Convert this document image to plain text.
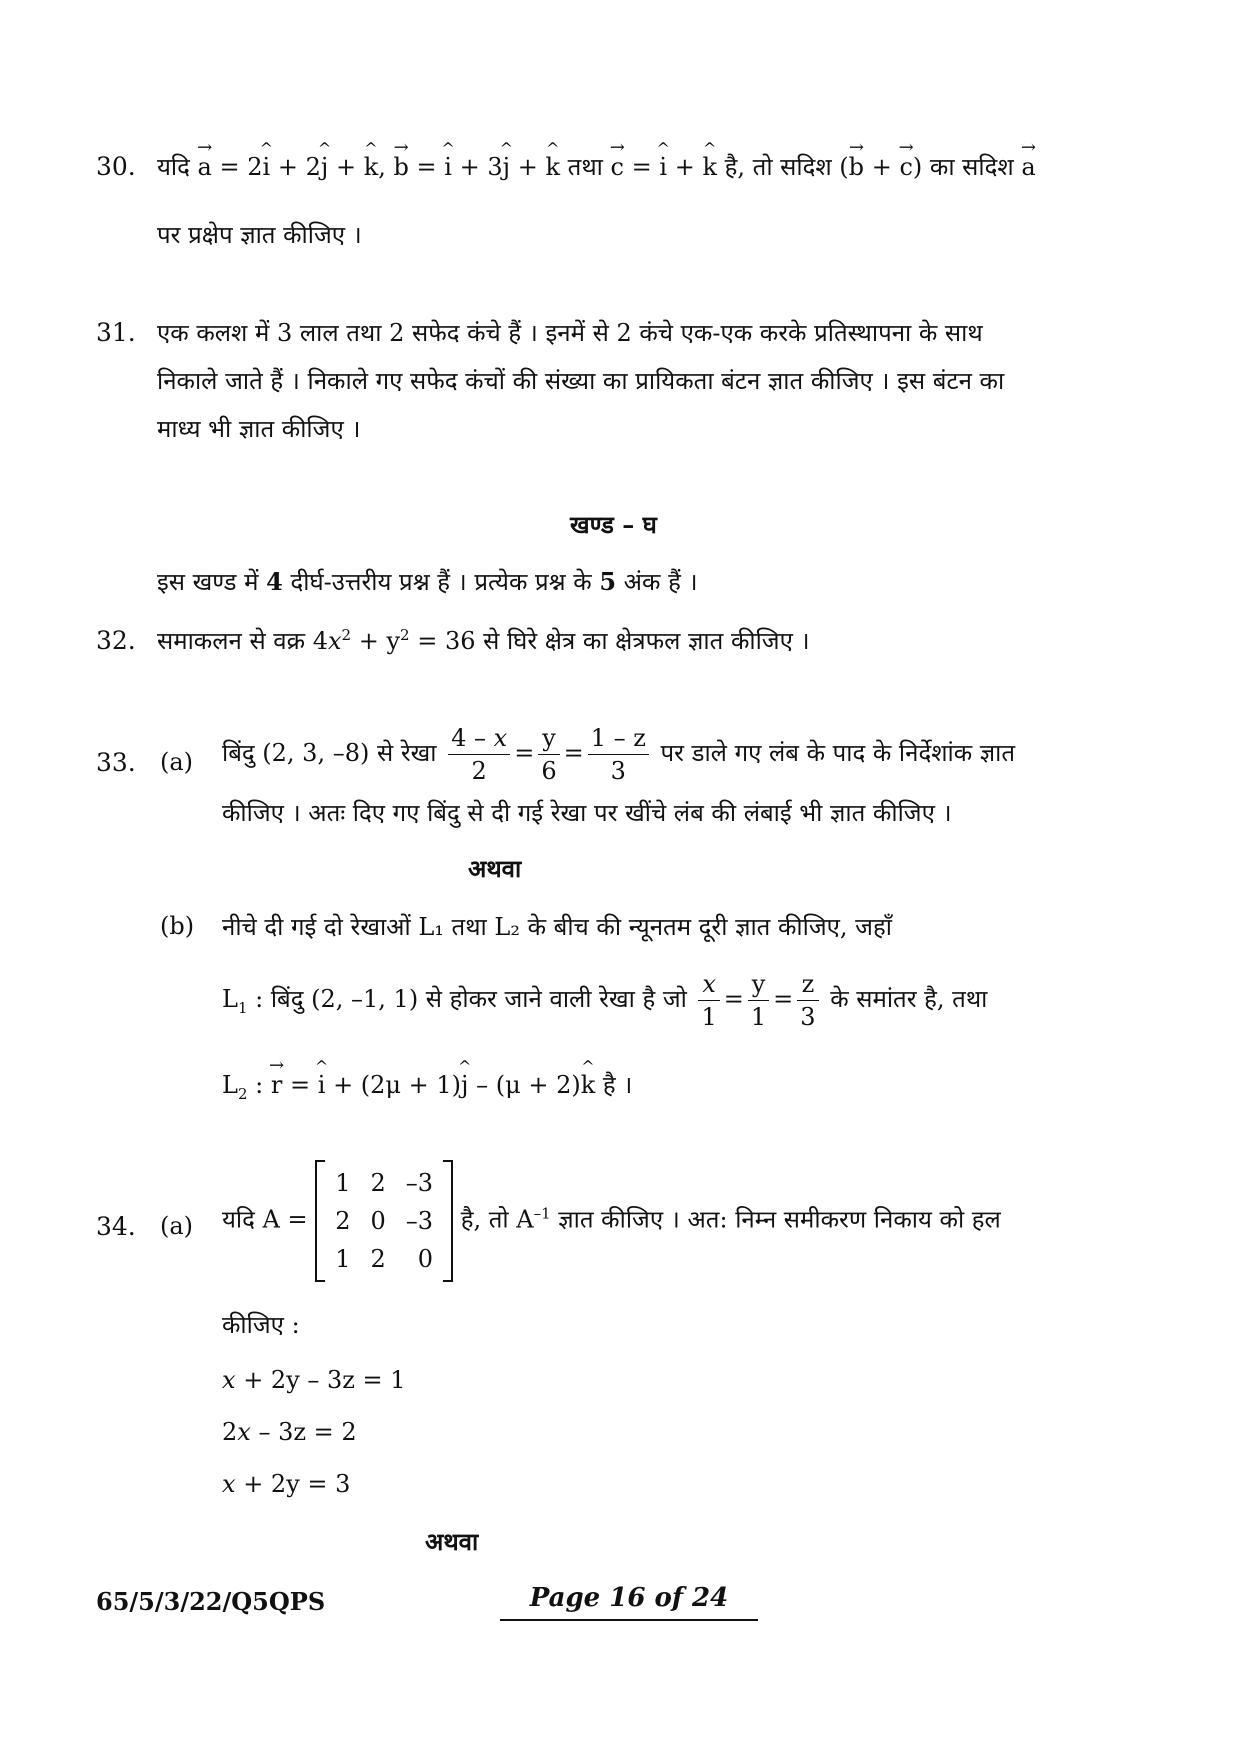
30. यदि → a = 2^ i + 2^ j + ^ k, → b = ^ i + 3^ j + ^ k तथा → c = ^ i + ^ k है, तो सदिश (→ b + → c) का सदिश → a
पर प्रक्षेप ज्ञात कीजिए ।
31. एक कलश में 3 लाल तथा 2 सफेद कंचे हैं । इनमें से 2 कंचे एक-एक करके प्रतिस्थापना के साथ
निकाले जाते हैं । निकाले गए सफेद कंचों की संख्या का प्रायिकता बंटन ज्ञात कीजिए । इस बंटन का
माध्य भी ज्ञात कीजिए ।
खण्ड – घ
इस खण्ड में 4 दीर्घ-उत्तरीय प्रश्न हैं । प्रत्येक प्रश्न के 5 अंक हैं ।
32. समाकलन से वक्र $4x^2 + y^2 = 36$ से घिरे क्षेत्र का क्षेत्रफल ज्ञात कीजिए ।
33. (a) बिंदु (2, 3, –8) से रेखा $\frac{4 - x}{2} = \frac{y}{6} = \frac{1 - z}{3}$ पर डाले गए लंब के पाद के निर्देशांक ज्ञात
कीजिए । अतः दिए गए बिंदु से दी गई रेखा पर खींचे लंब की लंबाई भी ज्ञात कीजिए ।
अथवा
(b) नीचे दी गई दो रेखाओं L₁ तथा L₂ के बीच की न्यूनतम दूरी ज्ञात कीजिए, जहाँ
$L_1$ : बिंदु (2, –1, 1) से होकर जाने वाली रेखा है जो $\frac{x}{1} = \frac{y}{1} = \frac{z}{3}$ के समांतर है, तथा
$L_2$ : → r = ^ i + (2μ + 1)^ j – (μ + 2)^ k है ।
34. (a) यदि A =
1	2	–3
2	0	–3
1	2	0
है, तो $A^{-1}$ ज्ञात कीजिए । अत: निम्न समीकरण निकाय को हल
कीजिए :
x + 2y – 3z = 1
2x – 3z = 2
x + 2y = 3
अथवा
65/5/3/22/Q5QPS	Page 16 of 24
